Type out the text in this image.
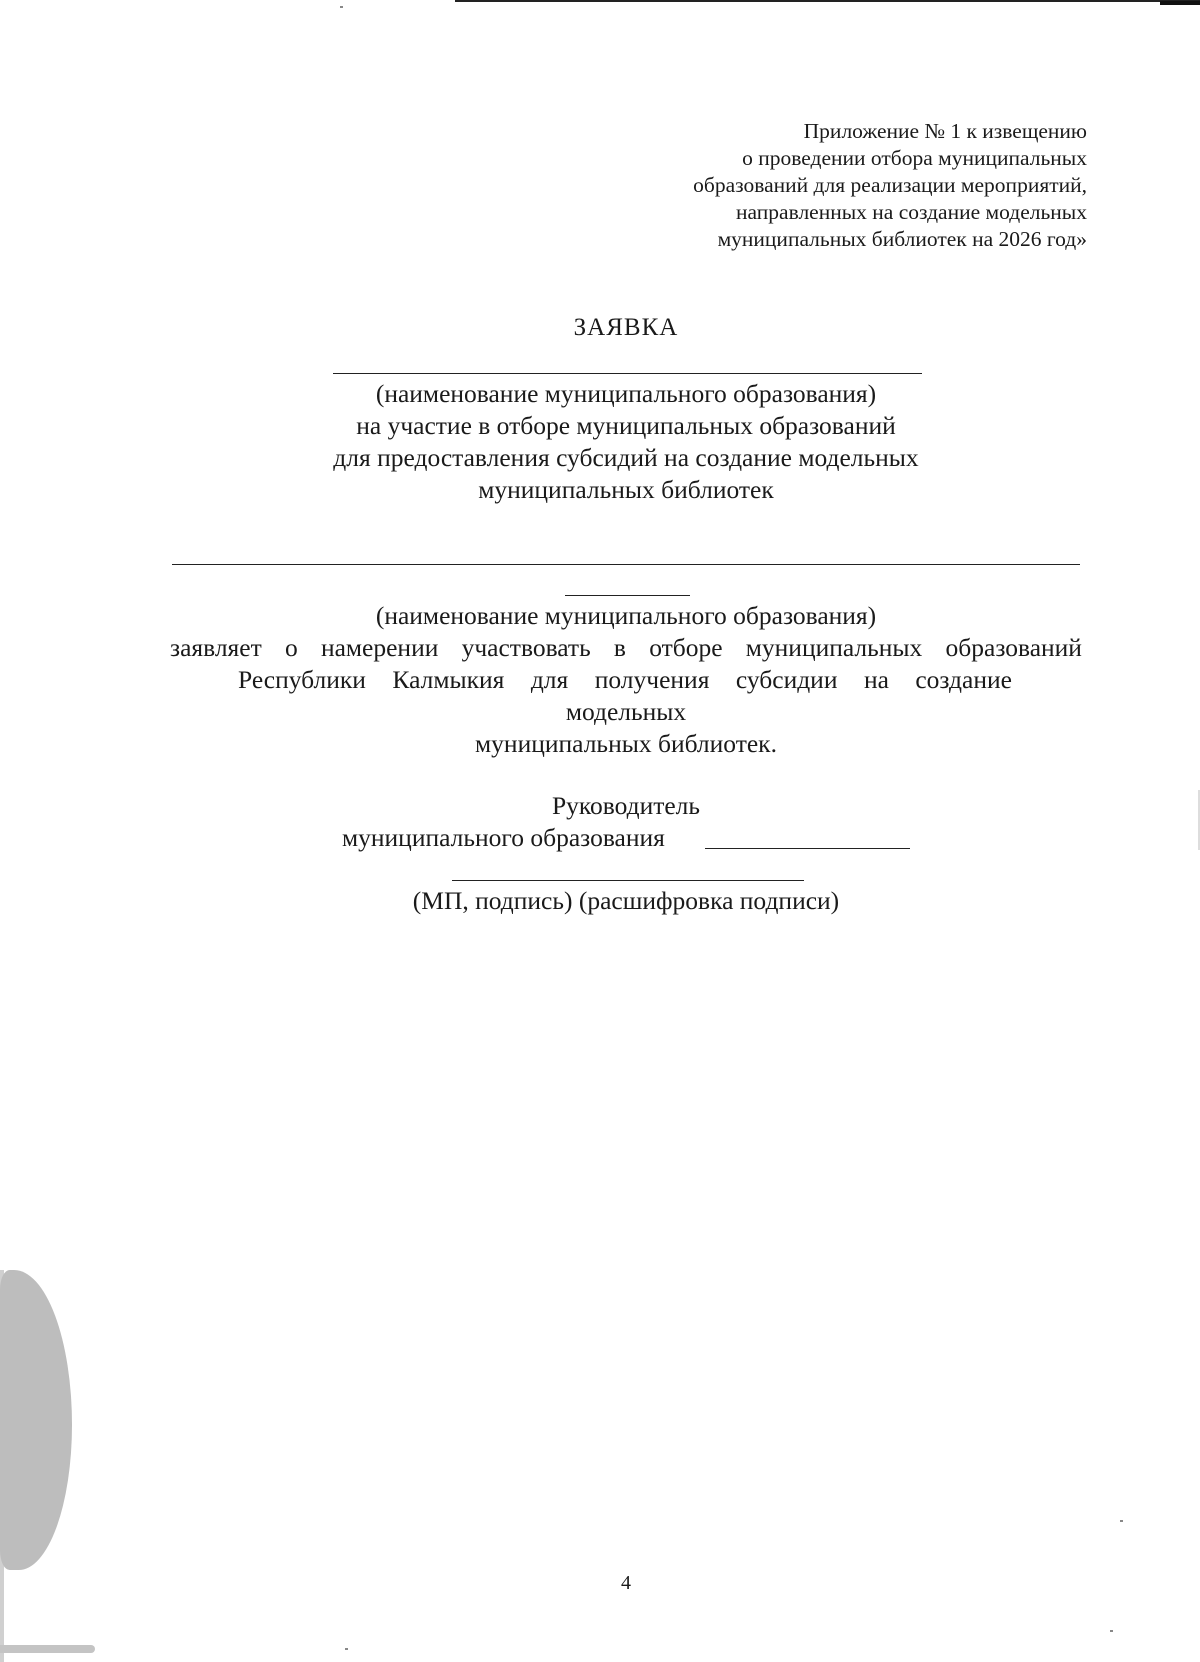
Приложение № 1 к извещению
о проведении отбора муниципальных
образований для реализации мероприятий,
направленных на создание модельных
муниципальных библиотек на 2026 год»
ЗАЯВКА
(наименование муниципального образования)
на участие в отборе муниципальных образований
для предоставления субсидий на создание модельных
муниципальных библиотек
(наименование муниципального образования)
заявляет о намерении участвовать в отборе муниципальных образований
Республики Калмыкия для получения субсидии на создание
модельных
муниципальных библиотек.
Руководитель
муниципального образования
(МП, подпись) (расшифровка подписи)
4
